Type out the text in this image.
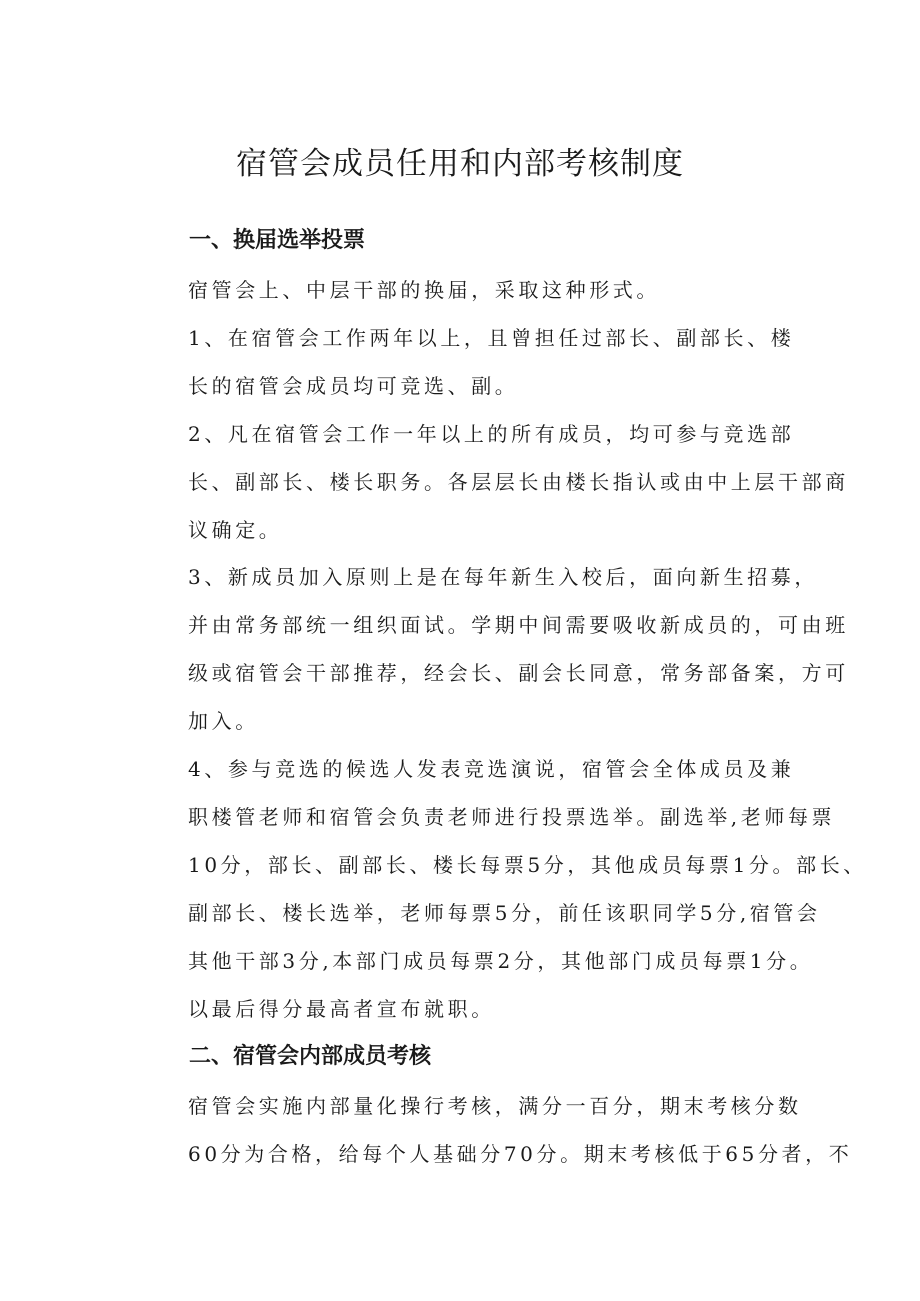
宿管会成员任用和内部考核制度
一、换届选举投票

宿管会上、中层干部的换届，采取这种形式。

1、在宿管会工作两年以上，且曾担任过部长、副部长、楼
长的宿管会成员均可竞选、副。

2、凡在宿管会工作一年以上的所有成员，均可参与竞选部
长、副部长、楼长职务。各层层长由楼长指认或由中上层干部商
议确定。

3、新成员加入原则上是在每年新生入校后，面向新生招募，
并由常务部统一组织面试。学期中间需要吸收新成员的，可由班
级或宿管会干部推荐，经会长、副会长同意，常务部备案，方可
加入。

4、参与竞选的候选人发表竞选演说，宿管会全体成员及兼
职楼管老师和宿管会负责老师进行投票选举。副选举,老师每票
10分，部长、副部长、楼长每票5分，其他成员每票1分。部长、
副部长、楼长选举，老师每票5分，前任该职同学5分,宿管会
其他干部3分,本部门成员每票2分，其他部门成员每票1分。
以最后得分最高者宣布就职。

二、宿管会内部成员考核

宿管会实施内部量化操行考核，满分一百分，期末考核分数
60分为合格，给每个人基础分70分。期末考核低于65分者，不
